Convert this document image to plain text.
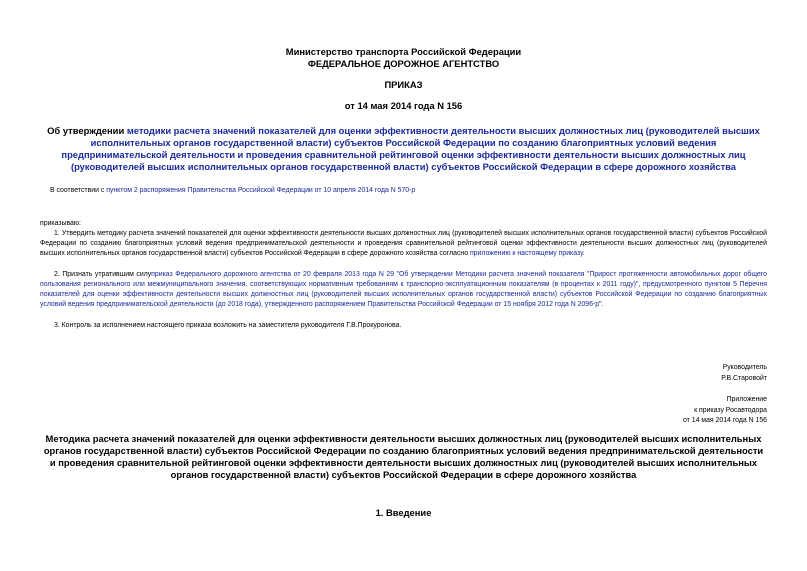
Министерство транспорта Российской Федерации
ФЕДЕРАЛЬНОЕ ДОРОЖНОЕ АГЕНТСТВО
ПРИКАЗ
от 14 мая 2014 года N 156
Об утверждении методики расчета значений показателей для оценки эффективности деятельности высших должностных лиц (руководителей высших исполнительных органов государственной власти) субъектов Российской Федерации по созданию благоприятных условий ведения предпринимательской деятельности и проведения сравнительной рейтинговой оценки эффективности деятельности высших должностных лиц (руководителей высших исполнительных органов государственной власти) субъектов Российской Федерации в сфере дорожного хозяйства
В соответствии с пунктом 2 распоряжения Правительства Российской Федерации от 10 апреля 2014 года N 570-р
приказываю:
1. Утвердить методику расчета значений показателей для оценки эффективности деятельности высших должностных лиц (руководителей высших исполнительных органов государственной власти) субъектов Российской Федерации по созданию благоприятных условий ведения предпринимательской деятельности и проведения сравнительной рейтинговой оценки эффективности деятельности высших должностных лиц (руководителей высших исполнительных органов государственной власти) субъектов Российской Федерации в сфере дорожного хозяйства согласно приложению к настоящему приказу.
2. Признать утратившим силуприказ Федерального дорожного агентства от 20 февраля 2013 года N 29 "Об утверждении Методики расчета значений показателя "Прирост протяженности автомобильных дорог общего пользования регионального или межмуниципального значения, соответствующих нормативным требованиям к транспорно-эксплуатационным показателям (в процентах к 2011 году)", предусмотренного пунктом 5 Перечня показателей для оценки эффективности деятельности высших должностных лиц (руководителей высших исполнительных органов государственной власти) субъектов Российской Федерации по созданию благоприятных условий ведения предпринимательской деятельности (до 2018 года), утвержденного распоряжением Правительства Российской Федерации от 15 ноября 2012 года N 2096-р".
3. Контроль за исполнением настоящего приказа возложить на заместителя руководителя Г.В.Прокуронова.
Руководитель
Р.В.Старовойт
Приложение
к приказу Росавтодора
от 14 мая 2014 года N 156
Методика расчета значений показателей для оценки эффективности деятельности высших должностных лиц (руководителей высших исполнительных органов государственной власти) субъектов Российской Федерации по созданию благоприятных условий ведения предпринимательской деятельности и проведения сравнительной рейтинговой оценки эффективности деятельности высших должностных лиц (руководителей высших исполнительных органов государственной власти) субъектов Российской Федерации в сфере дорожного хозяйства
1. Введение
